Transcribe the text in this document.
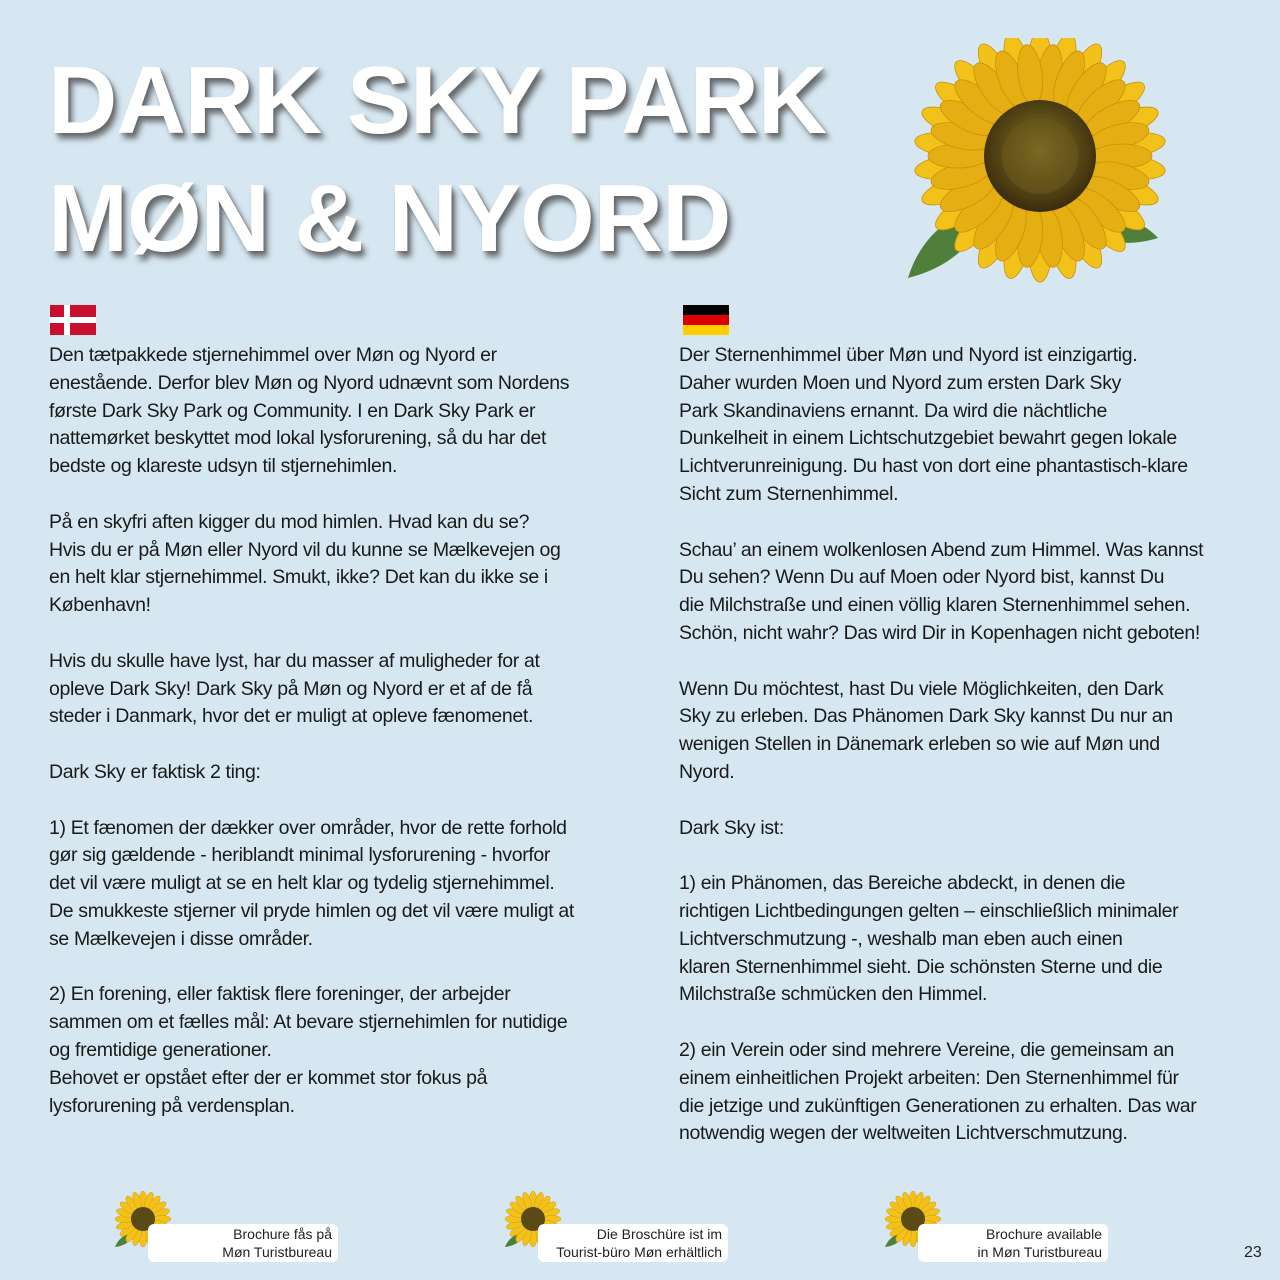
DARK SKY PARK
MØN & NYORD

Den tætpakkede stjernehimmel over Møn og Nyord er
enestående. Derfor blev Møn og Nyord udnævnt som Nordens
første Dark Sky Park og Community. I en Dark Sky Park er
nattemørket beskyttet mod lokal lysforurening, så du har det
bedste og klareste udsyn til stjernehimlen.

På en skyfri aften kigger du mod himlen. Hvad kan du se?
Hvis du er på Møn eller Nyord vil du kunne se Mælkevejen og
en helt klar stjernehimmel. Smukt, ikke? Det kan du ikke se i
København!

Hvis du skulle have lyst, har du masser af muligheder for at
opleve Dark Sky! Dark Sky på Møn og Nyord er et af de få
steder i Danmark, hvor det er muligt at opleve fænomenet.

Dark Sky er faktisk 2 ting:

1) Et fænomen der dækker over områder, hvor de rette forhold
gør sig gældende - heriblandt minimal lysforurening - hvorfor
det vil være muligt at se en helt klar og tydelig stjernehimmel.
De smukkeste stjerner vil pryde himlen og det vil være muligt at
se Mælkevejen i disse områder.

2) En forening, eller faktisk flere foreninger, der arbejder
sammen om et fælles mål: At bevare stjernehimlen for nutidige
og fremtidige generationer.
Behovet er opstået efter der er kommet stor fokus på
lysforurening på verdensplan.

Der Sternenhimmel über Møn und Nyord ist einzigartig.
Daher wurden Moen und Nyord zum ersten Dark Sky
Park Skandinaviens ernannt. Da wird die nächtliche
Dunkelheit in einem Lichtschutzgebiet bewahrt gegen lokale
Lichtverunreinigung. Du hast von dort eine phantastisch-klare
Sicht zum Sternenhimmel.

Schau’ an einem wolkenlosen Abend zum Himmel. Was kannst
Du sehen? Wenn Du auf Moen oder Nyord bist, kannst Du
die Milchstraße und einen völlig klaren Sternenhimmel sehen.
Schön, nicht wahr? Das wird Dir in Kopenhagen nicht geboten!

Wenn Du möchtest, hast Du viele Möglichkeiten, den Dark
Sky zu erleben. Das Phänomen Dark Sky kannst Du nur an
wenigen Stellen in Dänemark erleben so wie auf Møn und
Nyord.

Dark Sky ist:

1) ein Phänomen, das Bereiche abdeckt, in denen die
richtigen Lichtbedingungen gelten – einschließlich minimaler
Lichtverschmutzung -, weshalb man eben auch einen
klaren Sternenhimmel sieht. Die schönsten Sterne und die
Milchstraße schmücken den Himmel.

2) ein Verein oder sind mehrere Vereine, die gemeinsam an
einem einheitlichen Projekt arbeiten: Den Sternenhimmel für
die jetzige und zukünftigen Generationen zu erhalten. Das war
notwendig wegen der weltweiten Lichtverschmutzung.

Brochure fås på
Møn Turistbureau
Die Broschüre ist im
Tourist-büro Møn erhältlich
Brochure available
in Møn Turistbureau	23
